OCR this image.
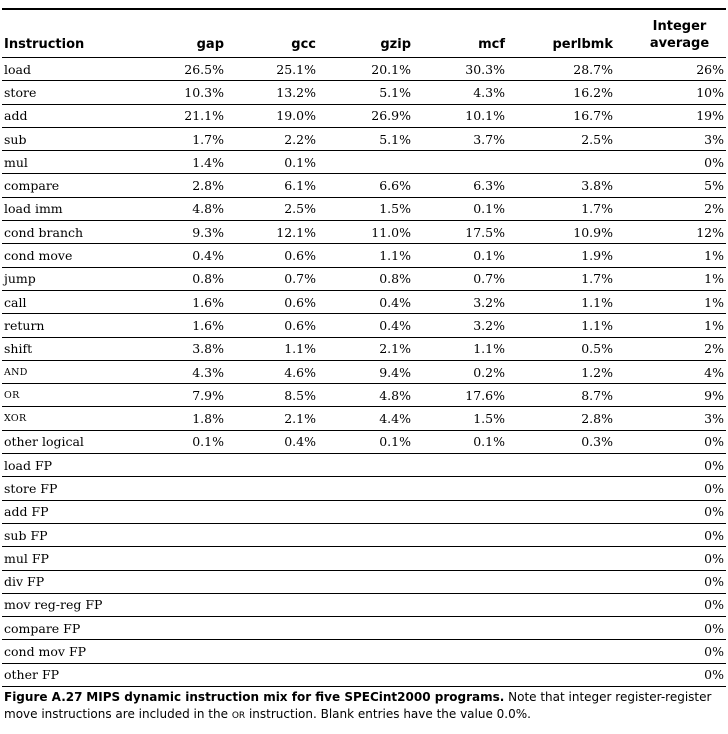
Instruction	gap	gcc	gzip	mcf	perlbmk	Integer
average
load	26.5%	25.1%	20.1%	30.3%	28.7%	26%
store	10.3%	13.2%	5.1%	4.3%	16.2%	10%
add	21.1%	19.0%	26.9%	10.1%	16.7%	19%
sub	1.7%	2.2%	5.1%	3.7%	2.5%	3%
mul	1.4%	0.1%				0%
compare	2.8%	6.1%	6.6%	6.3%	3.8%	5%
load imm	4.8%	2.5%	1.5%	0.1%	1.7%	2%
cond branch	9.3%	12.1%	11.0%	17.5%	10.9%	12%
cond move	0.4%	0.6%	1.1%	0.1%	1.9%	1%
jump	0.8%	0.7%	0.8%	0.7%	1.7%	1%
call	1.6%	0.6%	0.4%	3.2%	1.1%	1%
return	1.6%	0.6%	0.4%	3.2%	1.1%	1%
shift	3.8%	1.1%	2.1%	1.1%	0.5%	2%
AND	4.3%	4.6%	9.4%	0.2%	1.2%	4%
OR	7.9%	8.5%	4.8%	17.6%	8.7%	9%
XOR	1.8%	2.1%	4.4%	1.5%	2.8%	3%
other logical	0.1%	0.4%	0.1%	0.1%	0.3%	0%
load FP						0%
store FP						0%
add FP						0%
sub FP						0%
mul FP						0%
div FP						0%
mov reg-reg FP						0%
compare FP						0%
cond mov FP						0%
other FP						0%
Figure A.27 MIPS dynamic instruction mix for five SPECint2000 programs. Note that integer register-register move instructions are included in the OR instruction. Blank entries have the value 0.0%.
